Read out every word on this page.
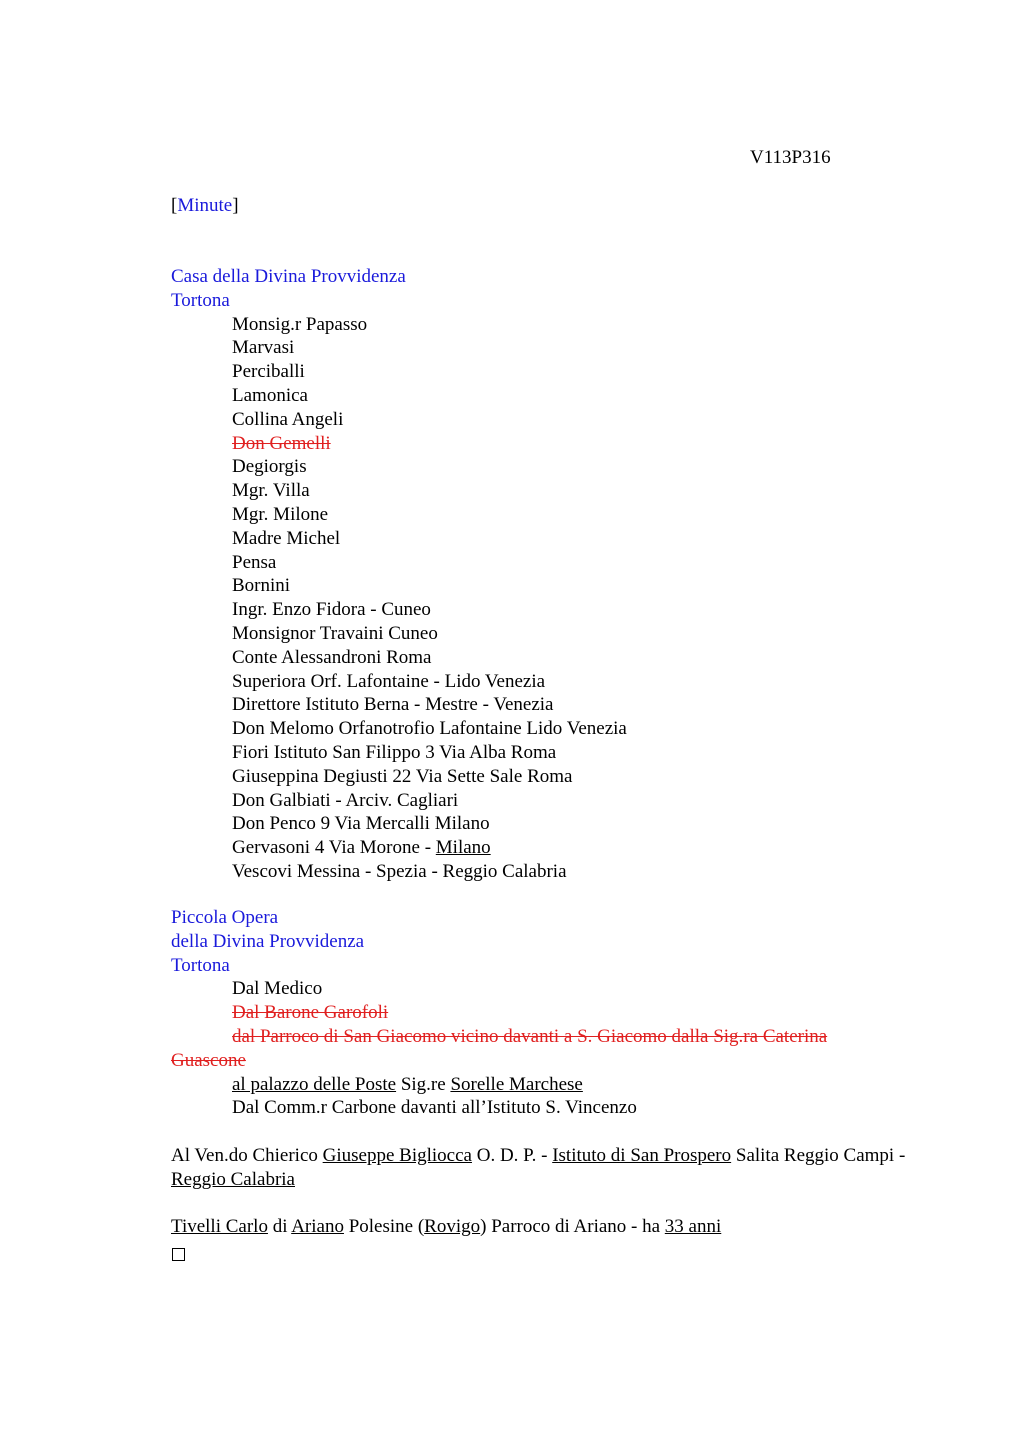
V113P316
[Minute]
Casa della Divina Provvidenza
Tortona
Monsig.r Papasso
Marvasi
Perciballi
Lamonica
Collina Angeli
Don Gemelli
Degiorgis
Mgr. Villa
Mgr. Milone
Madre Michel
Pensa
Bornini
Ingr. Enzo Fidora - Cuneo
Monsignor Travaini Cuneo
Conte Alessandroni Roma
Superiora Orf. Lafontaine - Lido Venezia
Direttore Istituto Berna - Mestre - Venezia
Don Melomo Orfanotrofio Lafontaine Lido Venezia
Fiori Istituto San Filippo 3 Via Alba Roma
Giuseppina Degiusti 22 Via Sette Sale Roma
Don Galbiati - Arciv. Cagliari
Don Penco 9 Via Mercalli Milano
Gervasoni 4 Via Morone - Milano
Vescovi Messina - Spezia - Reggio Calabria
Piccola Opera
della Divina Provvidenza
Tortona
Dal Medico
Dal Barone Garofoli
dal Parroco di San Giacomo vicino davanti a S. Giacomo dalla Sig.ra Caterina Guascone
al palazzo delle Poste Sig.re Sorelle Marchese
Dal Comm.r Carbone davanti all’Istituto S. Vincenzo
Al Ven.do Chierico Giuseppe Bigliocca O. D. P. - Istituto di San Prospero Salita Reggio Campi - Reggio Calabria
Tivelli Carlo di Ariano Polesine (Rovigo) Parroco di Ariano - ha 33 anni
